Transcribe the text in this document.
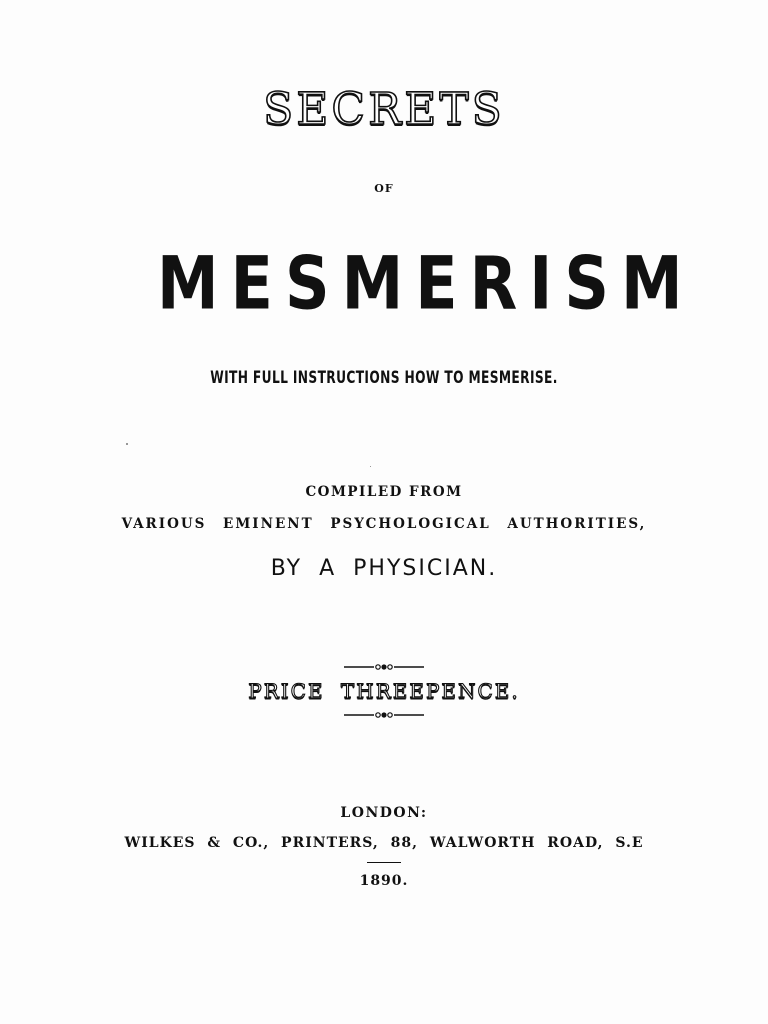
SECRETS
OF
MESMERISM
WITH FULL INSTRUCTIONS HOW TO MESMERISE.
COMPILED FROM
VARIOUS EMINENT PSYCHOLOGICAL AUTHORITIES,
BY A PHYSICIAN.
PRICE THREEPENCE.
LONDON:
WILKES & CO., PRINTERS, 88, WALWORTH ROAD, S.E
1890.
